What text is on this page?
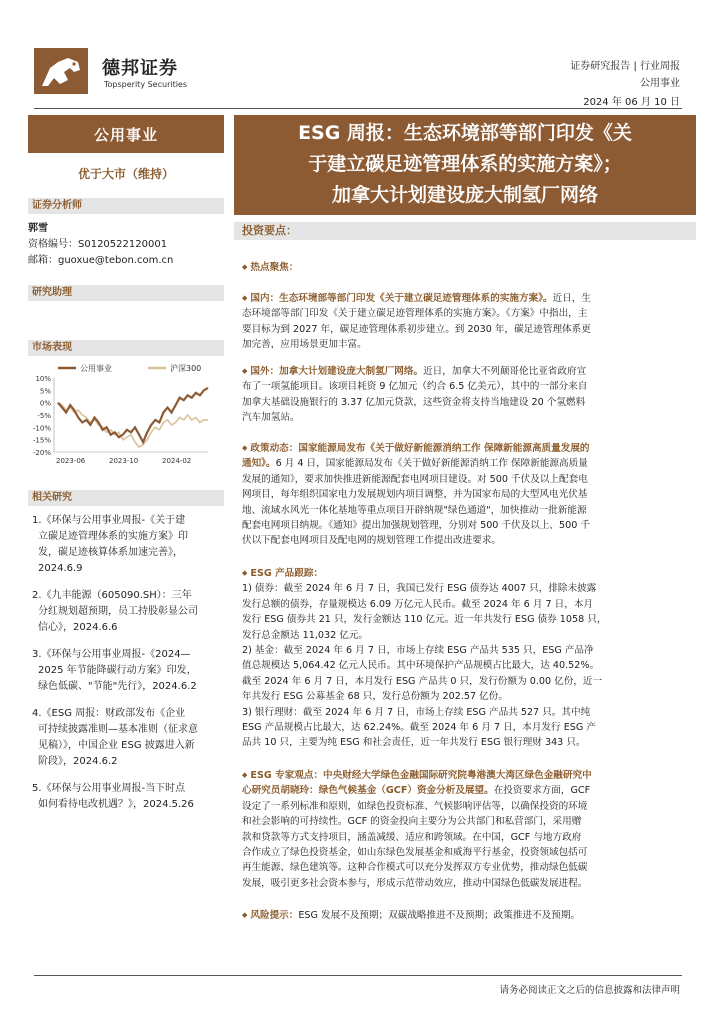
德邦证券
Topsperity Securities
证券研究报告 | 行业周报
公用事业
2024 年 06 月 10 日
公用事业
优于大市（维持）
证券分析师
郭雪
资格编号：S0120522120001
邮箱：guoxue@tebon.com.cn
研究助理
市场表现
相关研究
1.《环保与公用事业周报-《关于建
立碳足迹管理体系的实施方案》印
发，碳足迹核算体系加速完善》，
2024.6.9
2.《九丰能源（605090.SH）：三年
分红规划超预期，员工持股彰显公司
信心》，2024.6.6
3.《环保与公用事业周报-《2024—
2025 年节能降碳行动方案》印发，
绿色低碳、"节能"先行》，2024.6.2
4.《ESG 周报：财政部发布《企业
可持续披露准则—基本准则（征求意
见稿）》，中国企业 ESG 披露进入新
阶段》，2024.6.2
5.《环保与公用事业周报-当下时点
如何看待电改机遇？》，2024.5.26
公用事业	沪深300
10%
5%
0%
-5%
-10%
-15%
-20%
2023-06	2023-10	2024-02
ESG 周报：生态环境部等部门印发《关
于建立碳足迹管理体系的实施方案》；
加拿大计划建设庞大制氢厂网络
投资要点：
◆ 热点聚焦：
◆ 国内：生态环境部等部门印发《关于建立碳足迹管理体系的实施方案》。近日，生
态环境部等部门印发《关于建立碳足迹管理体系的实施方案》。《方案》中指出，主
要目标为到 2027 年，碳足迹管理体系初步建立。到 2030 年，碳足迹管理体系更
加完善，应用场景更加丰富。
◆ 国外：加拿大计划建设庞大制氢厂网络。近日，加拿大不列颠哥伦比亚省政府宣
布了一项氢能项目。该项目耗资 9 亿加元（约合 6.5 亿美元），其中的一部分来自
加拿大基础设施银行的 3.37 亿加元贷款，这些资金将支持当地建设 20 个氢燃料
汽车加氢站。
◆ 政策动态：国家能源局发布《关于做好新能源消纳工作 保障新能源高质量发展的
通知》。6 月 4 日，国家能源局发布《关于做好新能源消纳工作 保障新能源高质量
发展的通知》，要求加快推进新能源配套电网项目建设。对 500 千伏及以上配套电
网项目，每年组织国家电力发展规划内项目调整，并为国家布局的大型风电光伏基
地、流域水风光一体化基地等重点项目开辟纳规"绿色通道"，加快推动一批新能源
配套电网项目纳规。《通知》提出加强规划管理，分别对 500 千伏及以上、500 千
伏以下配套电网项目及配电网的规划管理工作提出改进要求。
◆ ESG 产品跟踪：
1) 债券：截至 2024 年 6 月 7 日，我国已发行 ESG 债券达 4007 只，排除未披露
发行总额的债券，存量规模达 6.09 万亿元人民币。截至 2024 年 6 月 7 日，本月
发行 ESG 债券共 21 只，发行金额达 110 亿元。近一年共发行 ESG 债券 1058 只，
发行总金额达 11,032 亿元。
2) 基金：截至 2024 年 6 月 7 日，市场上存续 ESG 产品共 535 只，ESG 产品净
值总规模达 5,064.42 亿元人民币。其中环境保护产品规模占比最大，达 40.52%。
截至 2024 年 6 月 7 日，本月发行 ESG 产品共 0 只，发行份额为 0.00 亿份，近一
年共发行 ESG 公募基金 68 只，发行总份额为 202.57 亿份。
3) 银行理财：截至 2024 年 6 月 7 日，市场上存续 ESG 产品共 527 只。其中纯
ESG 产品规模占比最大，达 62.24%。截至 2024 年 6 月 7 日，本月发行 ESG 产
品共 10 只，主要为纯 ESG 和社会责任，近一年共发行 ESG 银行理财 343 只。
◆ ESG 专家观点：中央财经大学绿色金融国际研究院粤港澳大湾区绿色金融研究中
心研究员胡晓玲：绿色气候基金（GCF）资金分析及展望。在投资要求方面，GCF
设定了一系列标准和原则，如绿色投资标准、气候影响评估等，以确保投资的环境
和社会影响的可持续性。GCF 的资金投向主要分为公共部门和私营部门，采用赠
款和贷款等方式支持项目，涵盖减缓、适应和跨领域。在中国，GCF 与地方政府
合作成立了绿色投资基金，如山东绿色发展基金和威海平行基金，投资领域包括可
再生能源、绿色建筑等。这种合作模式可以充分发挥双方专业优势，推动绿色低碳
发展，吸引更多社会资本参与，形成示范带动效应，推动中国绿色低碳发展进程。
◆ 风险提示：ESG 发展不及预期；双碳战略推进不及预期；政策推进不及预期。
请务必阅读正文之后的信息披露和法律声明
